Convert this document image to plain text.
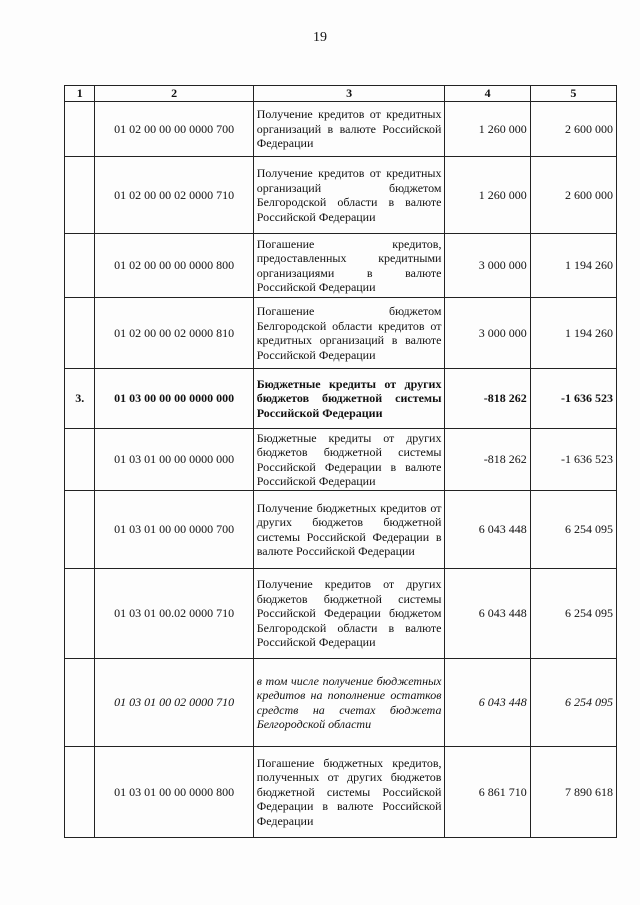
19
1	2	3	4	5
	01 02 00 00 00 0000 700	Получение кредитов от кредитных организаций в валюте Российской Федерации	1 260 000	2 600 000
	01 02 00 00 02 0000 710	Получение кредитов от кредитных организаций бюджетом Белгородской области в валюте Российской Федерации	1 260 000	2 600 000
	01 02 00 00 00 0000 800	Погашение кредитов, предоставленных кредитными организациями в валюте Российской Федерации	3 000 000	1 194 260
	01 02 00 00 02 0000 810	Погашение бюджетом Белгородской области кредитов от кредитных организаций в валюте Российской Федерации	3 000 000	1 194 260
3.	01 03 00 00 00 0000 000	Бюджетные кредиты от других бюджетов бюджетной системы Российской Федерации	-818 262	-1 636 523
	01 03 01 00 00 0000 000	Бюджетные кредиты от других бюджетов бюджетной системы Российской Федерации в валюте Российской Федерации	-818 262	-1 636 523
	01 03 01 00 00 0000 700	Получение бюджетных кредитов от других бюджетов бюджетной системы Российской Федерации в валюте Российской Федерации	6 043 448	6 254 095
	01 03 01 00.02 0000 710	Получение кредитов от других бюджетов бюджетной системы Российской Федерации бюджетом Белгородской области в валюте Российской Федерации	6 043 448	6 254 095
	01 03 01 00 02 0000 710	в том числе получение бюджетных кредитов на пополнение остатков средств на счетах бюджета Белгородской области	6 043 448	6 254 095
	01 03 01 00 00 0000 800	Погашение бюджетных кредитов, полученных от других бюджетов бюджетной системы Российской Федерации в валюте Российской Федерации	6 861 710	7 890 618
